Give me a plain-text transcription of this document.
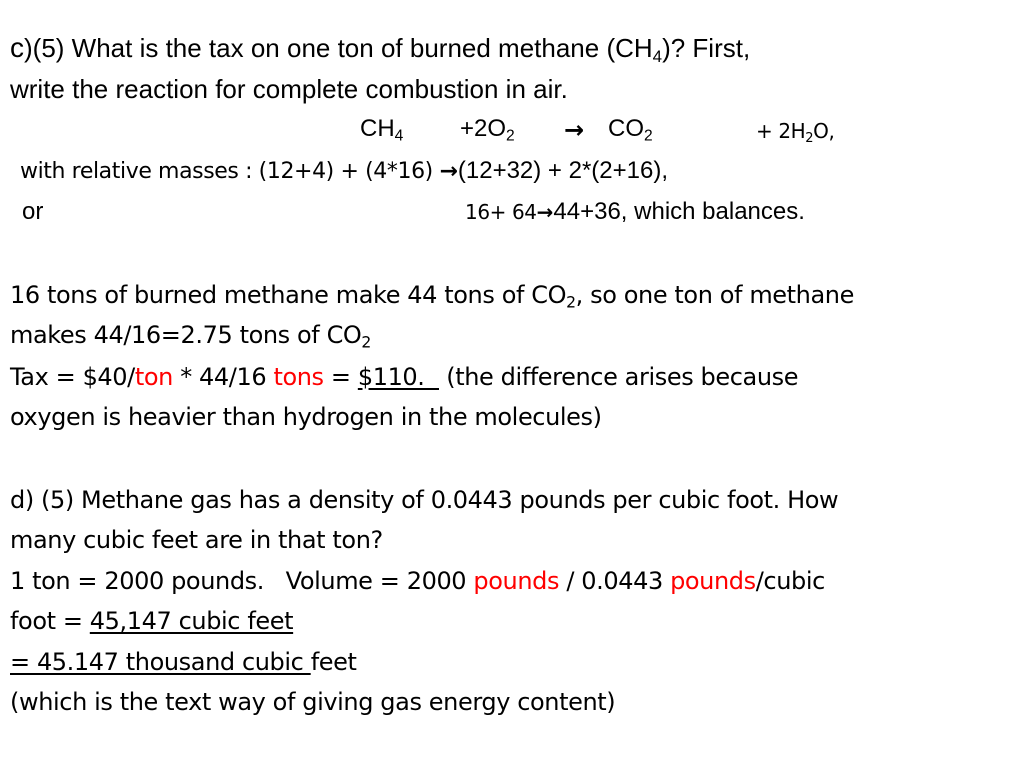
c)(5) What is the tax on one ton of burned methane $(CH_4)$? First,
write the reaction for complete combustion in air.
$CH_4 +2O_2 \to CO_2$	+ $2H_2O$,
with relative masses : (12+4) + (4*16) →(12+32) + 2*(2+16),
or	16+ 64→44+36, which balances.
16 tons of burned methane make 44 tons of $CO_2$, so one ton of methane
makes 44/16=2.75 tons of $CO_2$
Tax = $40/ton * 44/16 tons = $110.   (the difference arises because
oxygen is heavier than hydrogen in the molecules)
d) (5) Methane gas has a density of 0.0443 pounds per cubic foot. How
many cubic feet are in that ton?
1 ton = 2000 pounds.   Volume = 2000 pounds / 0.0443 pounds/cubic
foot = 45,147 cubic feet
= 45.147 thousand cubic feet
(which is the text way of giving gas energy content)
